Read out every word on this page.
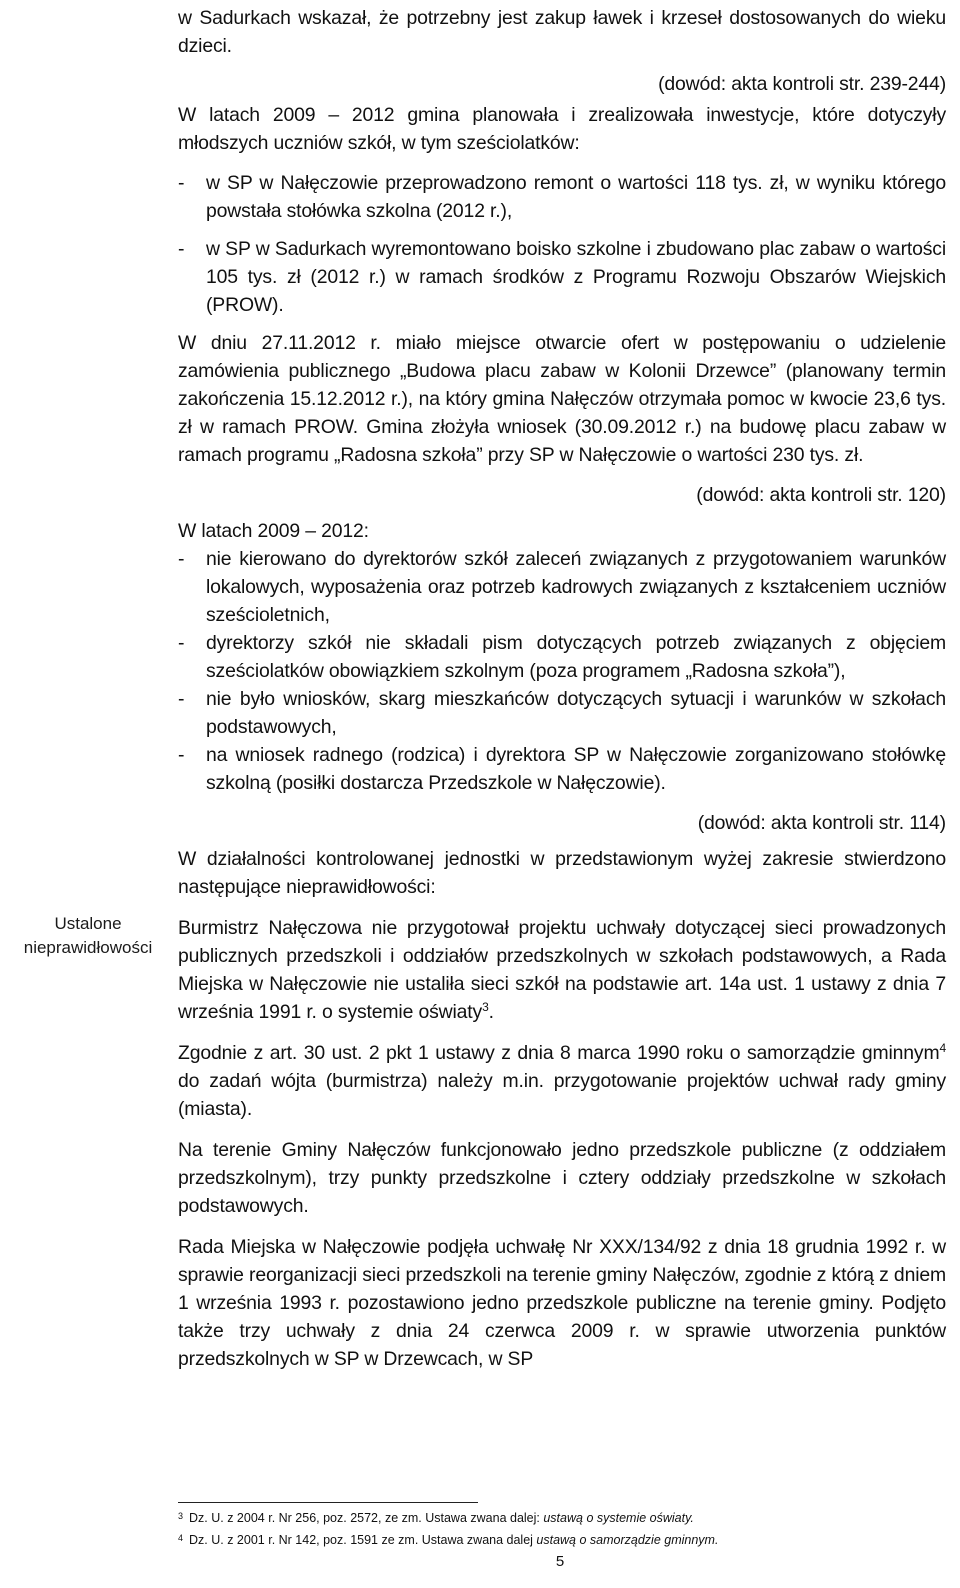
Ustalone
nieprawidłowości

w Sadurkach wskazał, że potrzebny jest zakup ławek i krzeseł dostosowanych do wieku dzieci.

(dowód: akta kontroli str. 239-244)

W latach 2009 – 2012 gmina planowała i zrealizowała inwestycje, które dotyczyły młodszych uczniów szkół, w tym sześciolatków:

- w SP w Nałęczowie przeprowadzono remont o wartości 118 tys. zł, w wyniku którego powstała stołówka szkolna (2012 r.),
- w SP w Sadurkach wyremontowano boisko szkolne i zbudowano plac zabaw o wartości 105 tys. zł (2012 r.) w ramach środków z Programu Rozwoju Obszarów Wiejskich (PROW).

W dniu 27.11.2012 r. miało miejsce otwarcie ofert w postępowaniu o udzielenie zamówienia publicznego „Budowa placu zabaw w Kolonii Drzewce” (planowany termin zakończenia 15.12.2012 r.), na który gmina Nałęczów otrzymała pomoc w kwocie 23,6 tys. zł w ramach PROW. Gmina złożyła wniosek (30.09.2012 r.) na budowę placu zabaw w ramach programu „Radosna szkoła” przy SP w Nałęczowie o wartości 230 tys. zł.

(dowód: akta kontroli str. 120)

W latach 2009 – 2012:

- nie kierowano do dyrektorów szkół zaleceń związanych z przygotowaniem warunków lokalowych, wyposażenia oraz potrzeb kadrowych związanych z kształceniem uczniów sześcioletnich,
- dyrektorzy szkół nie składali pism dotyczących potrzeb związanych z objęciem sześciolatków obowiązkiem szkolnym (poza programem „Radosna szkoła”),
- nie było wniosków, skarg mieszkańców dotyczących sytuacji i warunków w szkołach podstawowych,
- na wniosek radnego (rodzica) i dyrektora SP w Nałęczowie zorganizowano stołówkę szkolną (posiłki dostarcza Przedszkole w Nałęczowie).

(dowód: akta kontroli str. 114)

W działalności kontrolowanej jednostki w przedstawionym wyżej zakresie stwierdzono następujące nieprawidłowości:

Burmistrz Nałęczowa nie przygotował projektu uchwały dotyczącej sieci prowadzonych publicznych przedszkoli i oddziałów przedszkolnych w szkołach podstawowych, a Rada Miejska w Nałęczowie nie ustaliła sieci szkół na podstawie art. 14a ust. 1 ustawy z dnia 7 września 1991 r. o systemie oświaty$^3$.

Zgodnie z art. 30 ust. 2 pkt 1 ustawy z dnia 8 marca 1990 roku o samorządzie gminnym$^4$ do zadań wójta (burmistrza) należy m.in. przygotowanie projektów uchwał rady gminy (miasta).

Na terenie Gminy Nałęczów funkcjonowało jedno przedszkole publiczne (z oddziałem przedszkolnym), trzy punkty przedszkolne i cztery oddziały przedszkolne w szkołach podstawowych.

Rada Miejska w Nałęczowie podjęła uchwałę Nr XXX/134/92 z dnia 18 grudnia 1992 r. w sprawie reorganizacji sieci przedszkoli na terenie gminy Nałęczów, zgodnie z którą z dniem 1 września 1993 r. pozostawiono jedno przedszkole publiczne na terenie gminy. Podjęto także trzy uchwały z dnia 24 czerwca 2009 r. w sprawie utworzenia punktów przedszkolnych w SP w Drzewcach, w SP

$^3$ Dz. U. z 2004 r. Nr 256, poz. 2572, ze zm. Ustawa zwana dalej: ustawą o systemie oświaty.
$^4$ Dz. U. z 2001 r. Nr 142, poz. 1591 ze zm. Ustawa zwana dalej ustawą o samorządzie gminnym.
5
